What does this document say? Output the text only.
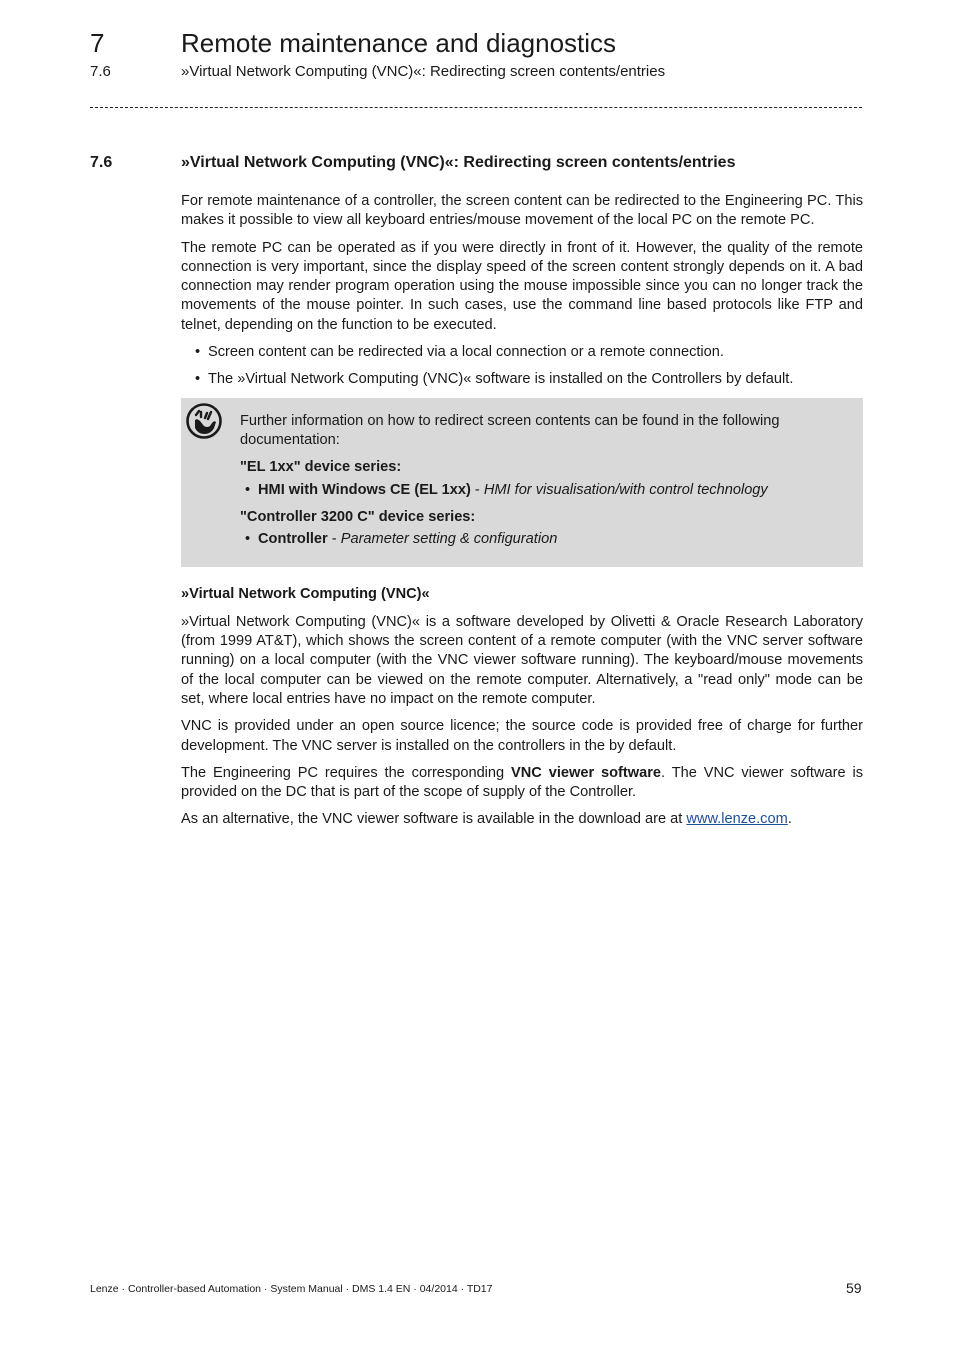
7	Remote maintenance and diagnostics
7.6	»Virtual Network Computing (VNC)«: Redirecting screen contents/entries
7.6	»Virtual Network Computing (VNC)«: Redirecting screen contents/entries

For remote maintenance of a controller, the screen content can be redirected to the Engineering PC. This makes it possible to view all keyboard entries/mouse movement of the local PC on the remote PC.

The remote PC can be operated as if you were directly in front of it. However, the quality of the remote connection is very important, since the display speed of the screen content strongly depends on it. A bad connection may render program operation using the mouse impossible since you can no longer track the movements of the mouse pointer. In such cases, use the command line based protocols like FTP and telnet, depending on the function to be executed.

• Screen content can be redirected via a local connection or a remote connection.
• The »Virtual Network Computing (VNC)« software is installed on the Controllers by default.

Further information on how to redirect screen contents can be found in the following documentation:

"EL 1xx" device series:

• HMI with Windows CE (EL 1xx) - HMI for visualisation/with control technology

"Controller 3200 C" device series:

• Controller - Parameter setting & configuration

»Virtual Network Computing (VNC)«

»Virtual Network Computing (VNC)« is a software developed by Olivetti & Oracle Research Laboratory (from 1999 AT&T), which shows the screen content of a remote computer (with the VNC server software running) on a local computer (with the VNC viewer software running). The keyboard/mouse movements of the local computer can be viewed on the remote computer. Alternatively, a "read only" mode can be set, where local entries have no impact on the remote computer.

VNC is provided under an open source licence; the source code is provided free of charge for further development. The VNC server is installed on the controllers in the by default.

The Engineering PC requires the corresponding VNC viewer software. The VNC viewer software is provided on the DC that is part of the scope of supply of the Controller.

As an alternative, the VNC viewer software is available in the download are at www.lenze.com.

Lenze · Controller-based Automation · System Manual · DMS 1.4 EN · 04/2014 · TD17	59
